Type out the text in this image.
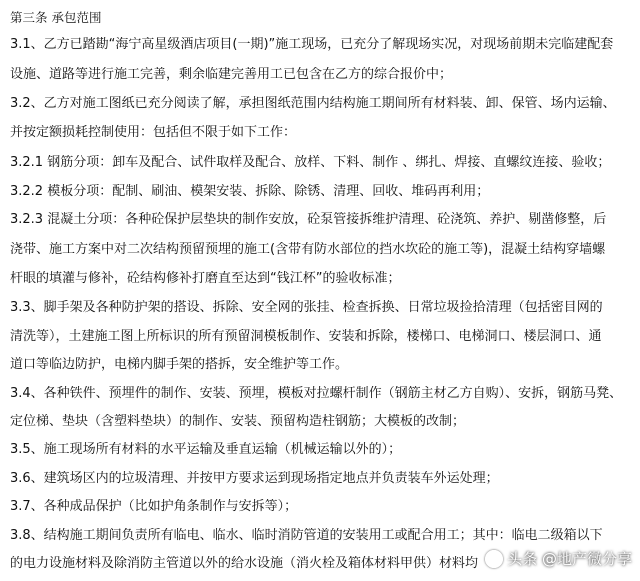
第三条 承包范围
3.1、乙方已踏勘“海宁高星级酒店项目(一期)”施工现场，已充分了解现场实况，对现场前期未完临建配套
设施、道路等进行施工完善，剩余临建完善用工已包含在乙方的综合报价中；
3.2、乙方对施工图纸已充分阅读了解，承担图纸范围内结构施工期间所有材料装、卸、保管、场内运输、
并按定额损耗控制使用：包括但不限于如下工作：
3.2.1 钢筋分项：卸车及配合、试件取样及配合、放样、下料、制作 、绑扎、焊接、直螺纹连接、验收；
3.2.2 模板分项：配制、刷油、模架安装、拆除、除锈、清理、回收、堆码再利用；
3.2.3 混凝土分项：各种砼保护层垫块的制作安放，砼泵管接拆维护清理、砼浇筑、养护、剔凿修整，后
浇带、施工方案中对二次结构预留预埋的施工(含带有防水部位的挡水坎砼的施工等)，混凝土结构穿墙螺
杆眼的填灌与修补，砼结构修补打磨直至达到“钱江杯”的验收标准；
3.3、脚手架及各种防护架的搭设、拆除、安全网的张挂、检查拆换、日常垃圾捡拾清理（包括密目网的
清洗等），土建施工图上所标识的所有预留洞模板制作、安装和拆除，楼梯口、电梯洞口、楼层洞口、通
道口等临边防护，电梯内脚手架的搭拆，安全维护等工作。
3.4、各种铁件、预埋件的制作、安装、预埋，模板对拉螺杆制作（钢筋主材乙方自购）、安拆，钢筋马凳、
定位梯、垫块（含塑料垫块）的制作、安装、预留构造柱钢筋；大模板的改制；
3.5、施工现场所有材料的水平运输及垂直运输（机械运输以外的）；
3.6、建筑场区内的垃圾清理、并按甲方要求运到现场指定地点并负责装车外运处理；
3.7、各种成品保护（比如护角条制作与安拆等）；
3.8、结构施工期间负责所有临电、临水、临时消防管道的安装用工或配合用工；其中：临电二级箱以下
的电力设施材料及除消防主管道以外的给水设施（消火栓及箱体材料甲供）材料均 头条 @地产微分享
